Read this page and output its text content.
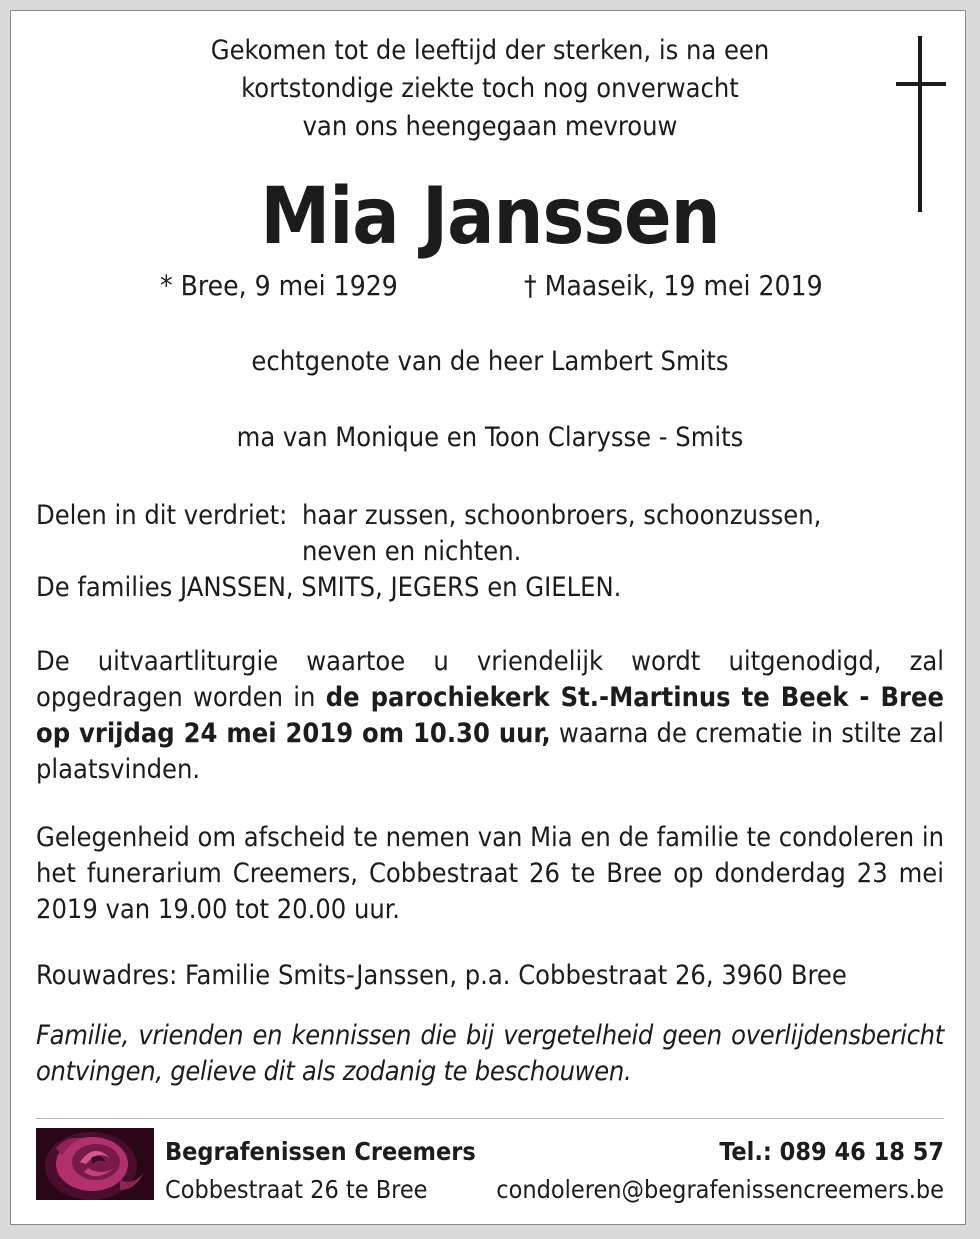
Gekomen tot de leeftijd der sterken, is na een
kortstondige ziekte toch nog onverwacht
van ons heengegaan mevrouw
Mia Janssen
* Bree, 9 mei 1929	† Maaseik, 19 mei 2019
echtgenote van de heer Lambert Smits
ma van Monique en Toon Clarysse - Smits
Delen in dit verdriet: haar zussen, schoonbroers, schoonzussen,
neven en nichten.
De families JANSSEN, SMITS, JEGERS en GIELEN.
De uitvaartliturgie waartoe u vriendelijk wordt uitgenodigd, zal opgedragen worden in de parochiekerk St.-Martinus te Beek - Bree op vrijdag 24 mei 2019 om 10.30 uur, waarna de crematie in stilte zal plaatsvinden.
Gelegenheid om afscheid te nemen van Mia en de familie te condoleren in het funerarium Creemers, Cobbestraat 26 te Bree op donderdag 23 mei 2019 van 19.00 tot 20.00 uur.
Rouwadres: Familie Smits-Janssen, p.a. Cobbestraat 26, 3960 Bree
Familie, vrienden en kennissen die bij vergetelheid geen overlijdensbericht ontvingen, gelieve dit als zodanig te beschouwen.
Begrafenissen Creemers
Cobbestraat 26 te Bree
Tel.: 089 46 18 57
condoleren@begrafenissencreemers.be
